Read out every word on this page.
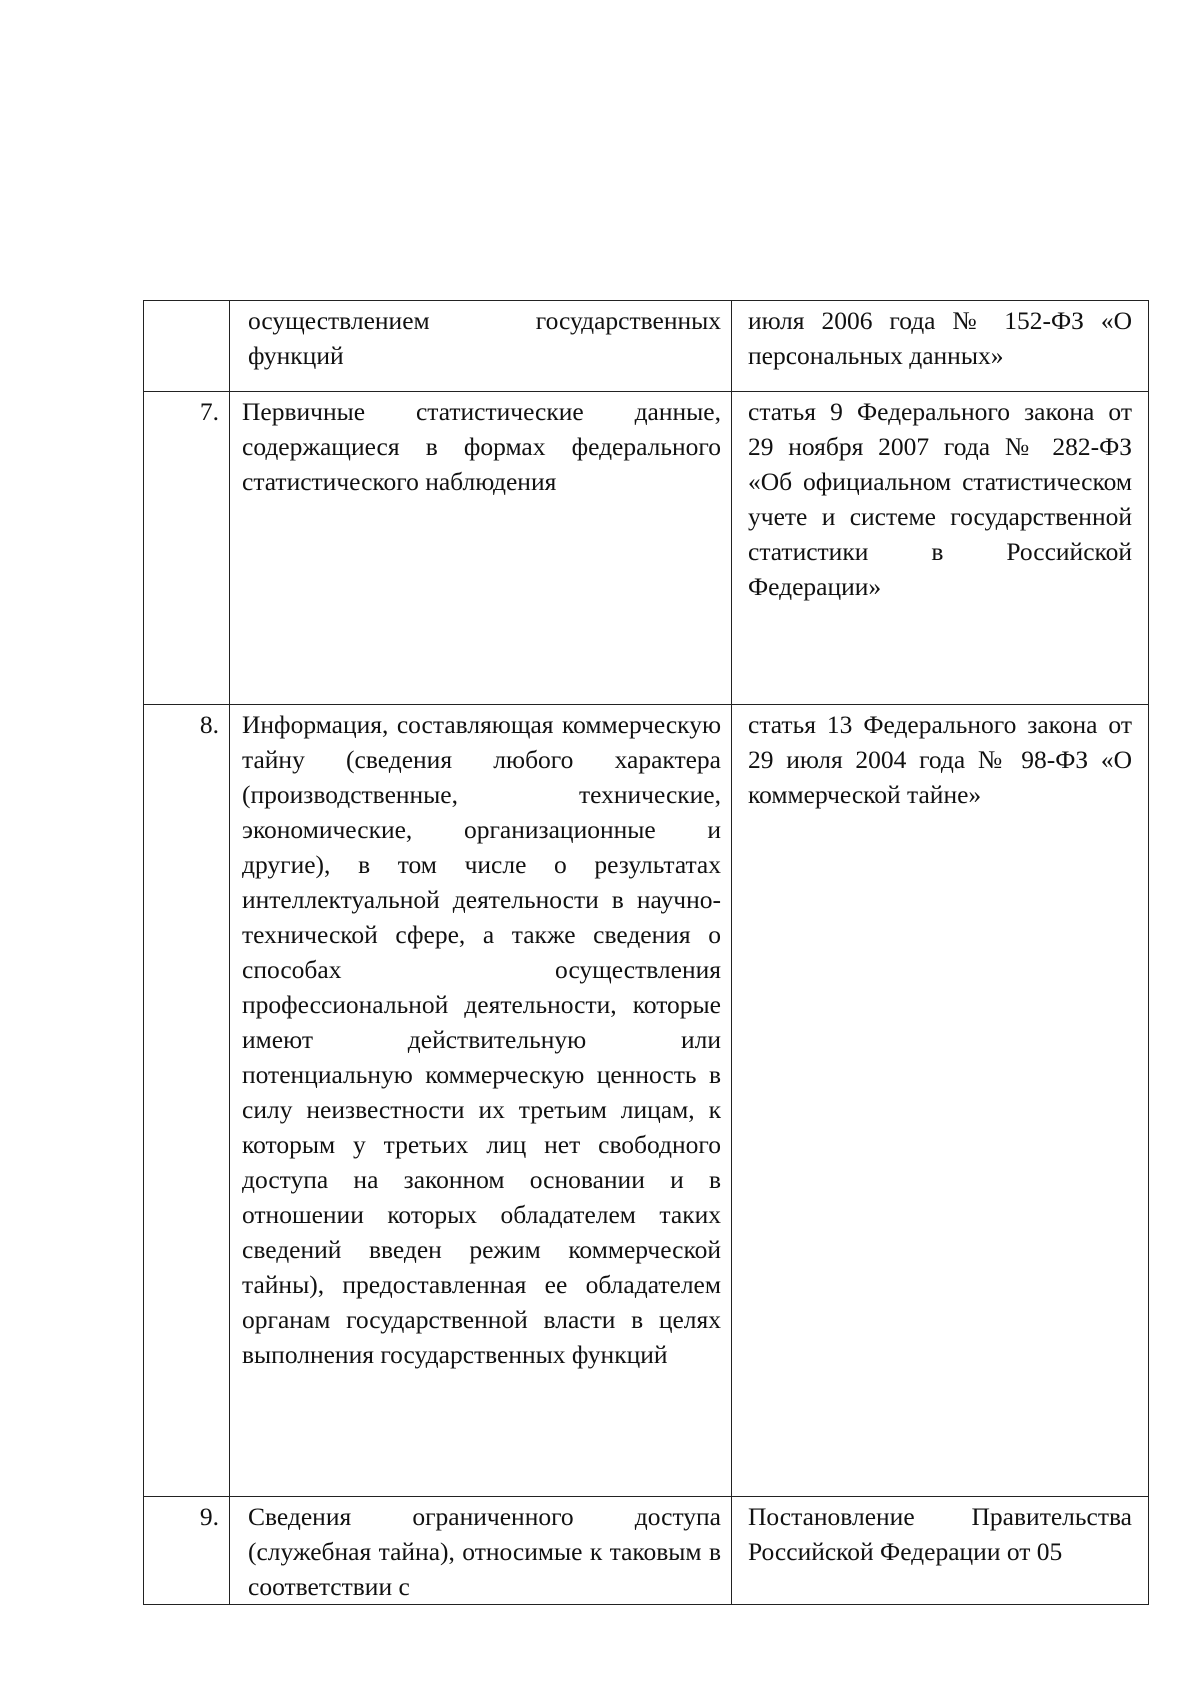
	осуществлением государственных функций	июля 2006 года № 152-ФЗ «О персональных данных»

7.	Первичные статистические данные, содержащиеся в формах федерального статистического наблюдения	статья 9 Федерального закона от 29 ноября 2007 года № 282-ФЗ «Об официальном статистическом учете и системе государственной статистики в Российской Федерации»

8.	Информация, составляющая коммерческую тайну (сведения любого характера (производственные, технические, экономические, организационные и другие), в том числе о результатах интеллектуальной деятельности в научно-технической сфере, а также сведения о способах осуществления профессиональной деятельности, которые имеют действительную или потенциальную коммерческую ценность в силу неизвестности их третьим лицам, к которым у третьих лиц нет свободного доступа на законном основании и в отношении которых обладателем таких сведений введен режим коммерческой тайны), предоставленная ее обладателем органам государственной власти в целях выполнения государственных функций	статья 13 Федерального закона от 29 июля 2004 года № 98-ФЗ «О коммерческой тайне»

9.	Сведения ограниченного доступа (служебная тайна), относимые к таковым в соответствии с	Постановление Правительства Российской Федерации от 05
